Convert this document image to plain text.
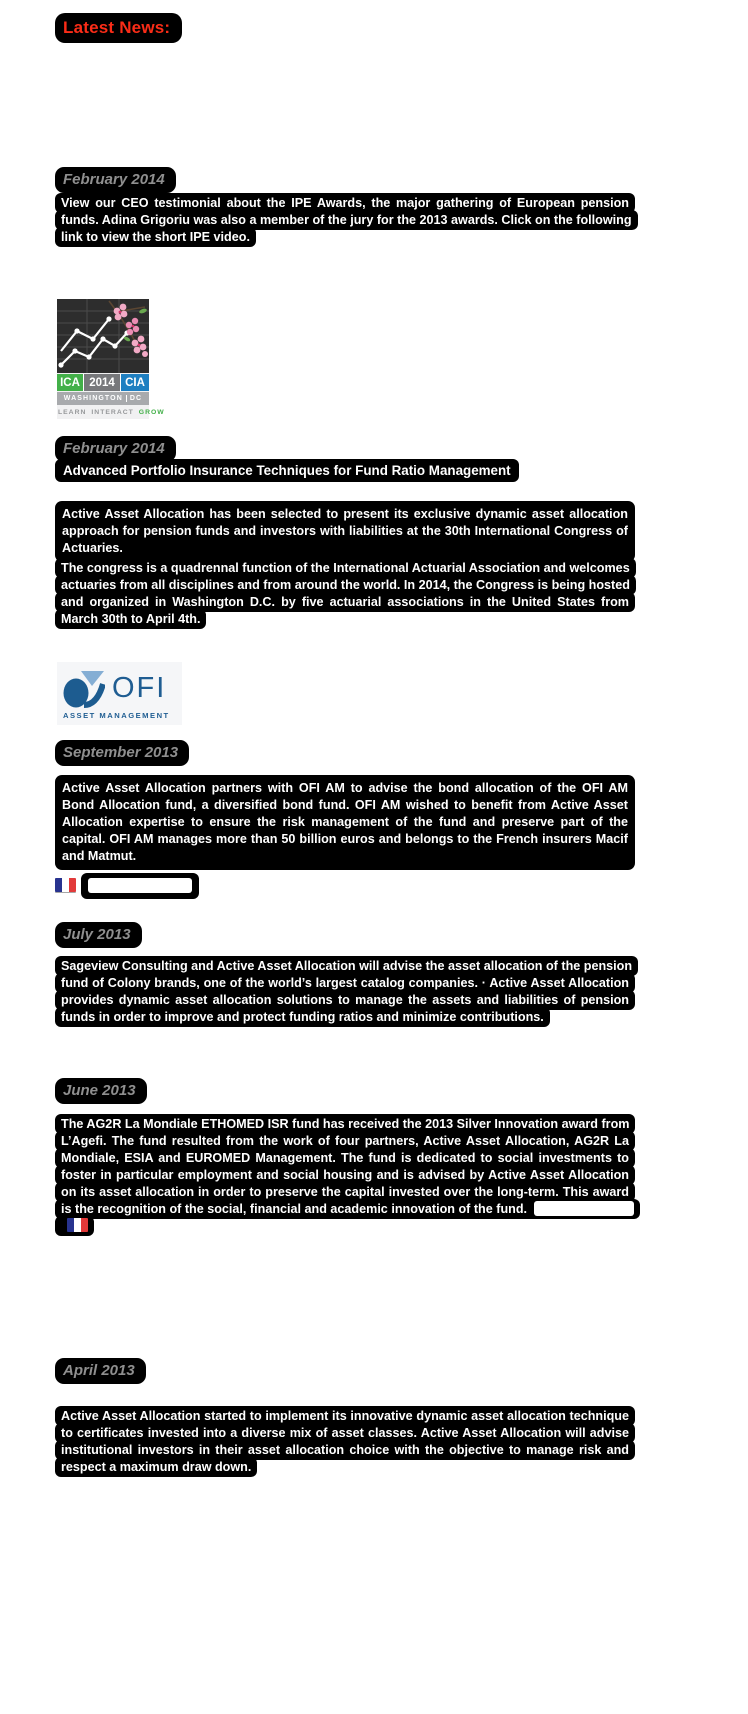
Latest News:
February 2014
View our CEO testimonial about the IPE Awards, the major gathering of European pension funds. Adina Grigoriu was also a member of the jury for the 2013 awards. Click on the following link to view the short IPE video.
ICA 2014 CIA
WASHINGTON	DC
LEARN INTERACT GROW
February 2014
Advanced Portfolio Insurance Techniques for Fund Ratio Management
Active Asset Allocation has been selected to present its exclusive dynamic asset allocation approach for pension funds and investors with liabilities at the 30th International Congress of Actuaries.
The congress is a quadrennal function of the International Actuarial Association and welcomes actuaries from all disciplines and from around the world. In 2014, the Congress is being hosted and organized in Washington D.C. by five actuarial associations in the United States from March 30th to April 4th.
OFI
ASSET MANAGEMENT
September 2013
Active Asset Allocation partners with OFI AM to advise the bond allocation of the OFI AM Bond Allocation fund, a diversified bond fund. OFI AM wished to benefit from Active Asset Allocation expertise to ensure the risk management of the fund and preserve part of the capital. OFI AM manages more than 50 billion euros and belongs to the French insurers Macif and Matmut.
July 2013
Sageview Consulting and Active Asset Allocation will advise the asset allocation of the pension fund of Colony brands, one of the world’s largest catalog companies. · Active Asset Allocation provides dynamic asset allocation solutions to manage the assets and liabilities of pension funds in order to improve and protect funding ratios and minimize contributions.
June 2013
The AG2R La Mondiale ETHOMED ISR fund has received the 2013 Silver Innovation award from L’Agefi. The fund resulted from the work of four partners, Active Asset Allocation, AG2R La Mondiale, ESIA and EUROMED Management. The fund is dedicated to social investments to foster in particular employment and social housing and is advised by Active Asset Allocation on its asset allocation in order to preserve the capital invested over the long-term. This award is the recognition of the social, financial and academic innovation of the fund.
April 2013
Active Asset Allocation started to implement its innovative dynamic asset allocation technique to certificates invested into a diverse mix of asset classes. Active Asset Allocation will advise institutional investors in their asset allocation choice with the objective to manage risk and respect a maximum draw down.
